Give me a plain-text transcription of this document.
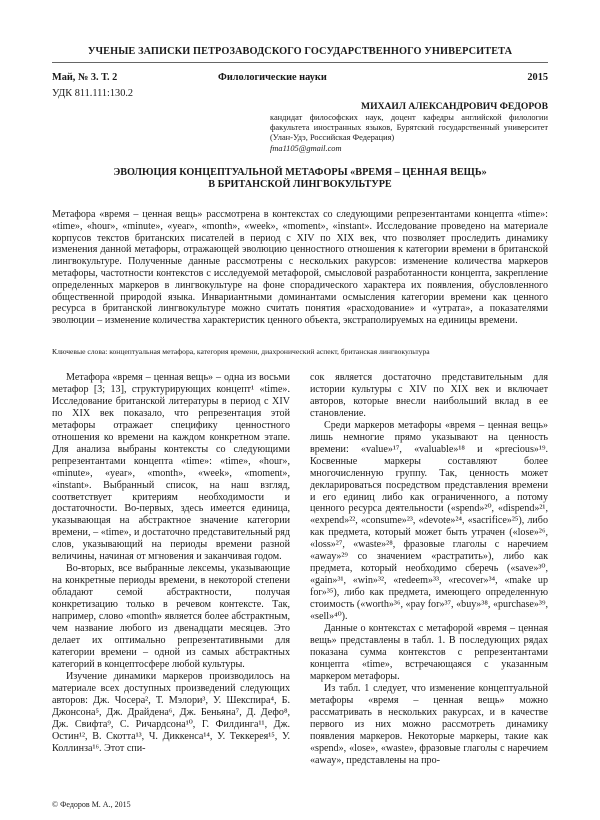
УЧЕНЫЕ ЗАПИСКИ ПЕТРОЗАВОДСКОГО ГОСУДАРСТВЕННОГО УНИВЕРСИТЕТА
Май, № 3. Т. 2	Филологические науки	2015
УДК 811.111:130.2
МИХАИЛ АЛЕКСАНДРОВИЧ ФЕДОРОВ
кандидат философских наук, доцент кафедры английской филологии факультета иностранных языков, Бурятский государственный университет (Улан-Удэ, Российская Федерация)
fma1105@gmail.com
ЭВОЛЮЦИЯ КОНЦЕПТУАЛЬНОЙ МЕТАФОРЫ «ВРЕМЯ – ЦЕННАЯ ВЕЩЬ»
В БРИТАНСКОЙ ЛИНГВОКУЛЬТУРЕ
Метафора «время – ценная вещь» рассмотрена в контекстах со следующими репрезентантами концепта «time»: «time», «hour», «minute», «year», «month», «week», «moment», «instant». Исследование проведено на материале корпусов текстов британских писателей в период с XIV по XIX век, что позволяет проследить динамику изменения данной метафоры, отражающей эволюцию ценностного отношения к категории времени в британской лингвокультуре. Полученные данные рассмотрены с нескольких ракурсов: изменение количества маркеров метафоры, частотности контекстов с исследуемой метафорой, смысловой разработанности концепта, закрепление определенных маркеров в лингвокультуре на фоне спорадического характера их появления, обусловленного общественной природой языка. Инвариантными доминантами осмысления категории времени как ценного ресурса в британской лингвокультуре можно считать понятия «расходование» и «утрата», а показателями эволюции – изменение количества характеристик ценного объекта, экстраполируемых на единицы времени.
Ключевые слова: концептуальная метафора, категория времени, диахронический аспект, британская лингвокультура

Метафора «время – ценная вещь» – одна из восьми метафор [3; 13], структурирующих концепт¹ «time». Исследование британской литературы в период с XIV по XIX век показало, что репрезентация этой метафоры отражает специфику ценностного отношения ко времени на каждом конкретном этапе. Для анализа выбраны контексты со следующими репрезентантами концепта «time»: «time», «hour», «minute», «year», «month», «week», «moment», «instant». Выбранный список, на наш взгляд, соответствует критериям необходимости и достаточности. Во-первых, здесь имеется единица, указывающая на абстрактное значение категории времени, – «time», и достаточно представительный ряд слов, указывающий на периоды времени разной величины, начиная от мгновения и заканчивая годом.

Во-вторых, все выбранные лексемы, указывающие на конкретные периоды времени, в некоторой степени обладают семой абстрактности, получая конкретизацию только в речевом контексте. Так, например, слово «month» является более абстрактным, чем название любого из двенадцати месяцев. Это делает их оптимально репрезентативными для категории времени – одной из самых абстрактных категорий в концептосфере любой культуры.

Изучение динамики маркеров производилось на материале всех доступных произведений следующих авторов: Дж. Чосера², Т. Мэлори³, У. Шекспира⁴, Б. Джонсона⁵, Дж. Драйдена⁶, Дж. Беньяна⁷, Д. Дефо⁸, Дж. Свифта⁹, С. Ричардсона¹⁰, Г. Филдинга¹¹, Дж. Остин¹², В. Скотта¹³, Ч. Диккенса¹⁴, У. Теккерея¹⁵, У. Коллинза¹⁶. Этот спи-

сок является достаточно представительным для истории культуры с XIV по XIX век и включает авторов, которые внесли наибольший вклад в ее становление.

Среди маркеров метафоры «время – ценная вещь» лишь немногие прямо указывают на ценность времени: «value»¹⁷, «valuable»¹⁸ и «precious»¹⁹. Косвенные маркеры составляют более многочисленную группу. Так, ценность может декларироваться посредством представления времени и его единиц либо как ограниченного, а потому ценного ресурса деятельности («spend»²⁰, «dispend»²¹, «expend»²², «consume»²³, «devote»²⁴, «sacrifice»²⁵), либо как предмета, который может быть утрачен («lose»²⁶, «loss»²⁷, «waste»²⁸, фразовые глаголы с наречием «away»²⁹ со значением «растратить»), либо как предмета, который необходимо сберечь («save»³⁰, «gain»³¹, «win»³², «redeem»³³, «recover»³⁴, «make up for»³⁵), либо как предмета, имеющего определенную стоимость («worth»³⁶, «pay for»³⁷, «buy»³⁸, «purchase»³⁹, «sell»⁴⁰).

Данные о контекстах с метафорой «время – ценная вещь» представлены в табл. 1. В последующих рядах показана сумма контекстов с репрезентантами концепта «time», встречающаяся с указанным маркером метафоры.

Из табл. 1 следует, что изменение концептуальной метафоры «время – ценная вещь» можно рассматривать в нескольких ракурсах, и в качестве первого из них можно рассмотреть динамику появления маркеров. Некоторые маркеры, такие как «spend», «lose», «waste», фразовые глаголы с наречием «away», представлены на про-

© Федоров М. А., 2015
